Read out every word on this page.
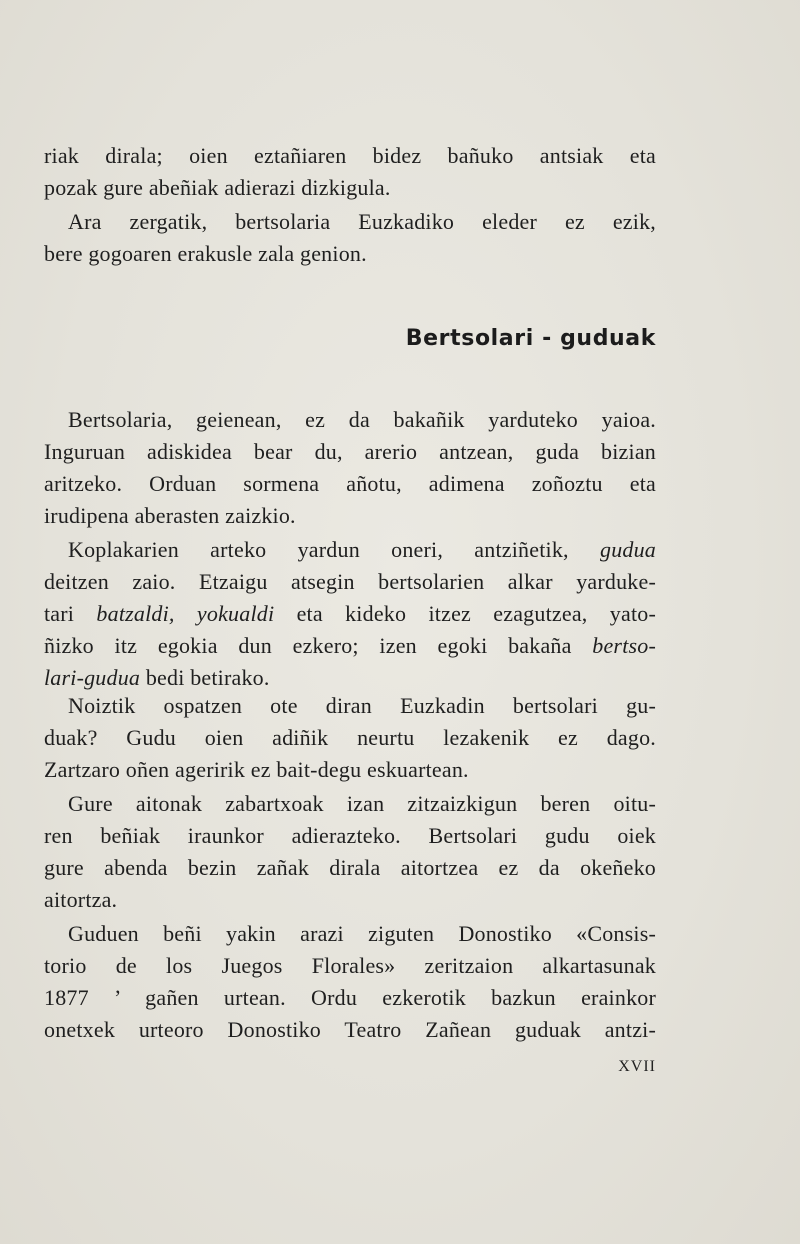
riak dirala; oien eztañiaren bidez bañuko antsiak eta
pozak gure abeñiak adierazi dizkigula.
Ara zergatik, bertsolaria Euzkadiko eleder ez ezik,
bere gogoaren erakusle zala genion.
Bertsolari - guduak
Bertsolaria, geienean, ez da bakañik yarduteko yaioa.
Inguruan adiskidea bear du, arerio antzean, guda bizian
aritzeko. Orduan sormena añotu, adimena zoñoztu eta
irudipena aberasten zaizkio.
Koplakarien arteko yardun oneri, antziñetik, gudua
deitzen zaio. Etzaigu atsegin bertsolarien alkar yarduke-
tari batzaldi, yokualdi eta kideko itzez ezagutzea, yato-
ñizko itz egokia dun ezkero; izen egoki bakaña bertso-
lari-gudua bedi betirako.
Noiztik ospatzen ote diran Euzkadin bertsolari gu-
duak? Gudu oien adiñik neurtu lezakenik ez dago.
Zartzaro oñen ageririk ez bait-degu eskuartean.
Gure aitonak zabartxoak izan zitzaizkigun beren oitu-
ren beñiak iraunkor adierazteko. Bertsolari gudu oiek
gure abenda bezin zañak dirala aitortzea ez da okeñeko
aitortza.
Guduen beñi yakin arazi ziguten Donostiko «Consis-
torio de los Juegos Florales» zeritzaion alkartasunak
1877 ’ gañen urtean. Ordu ezkerotik bazkun erainkor
onetxek urteoro Donostiko Teatro Zañean guduak antzi-
XVII
